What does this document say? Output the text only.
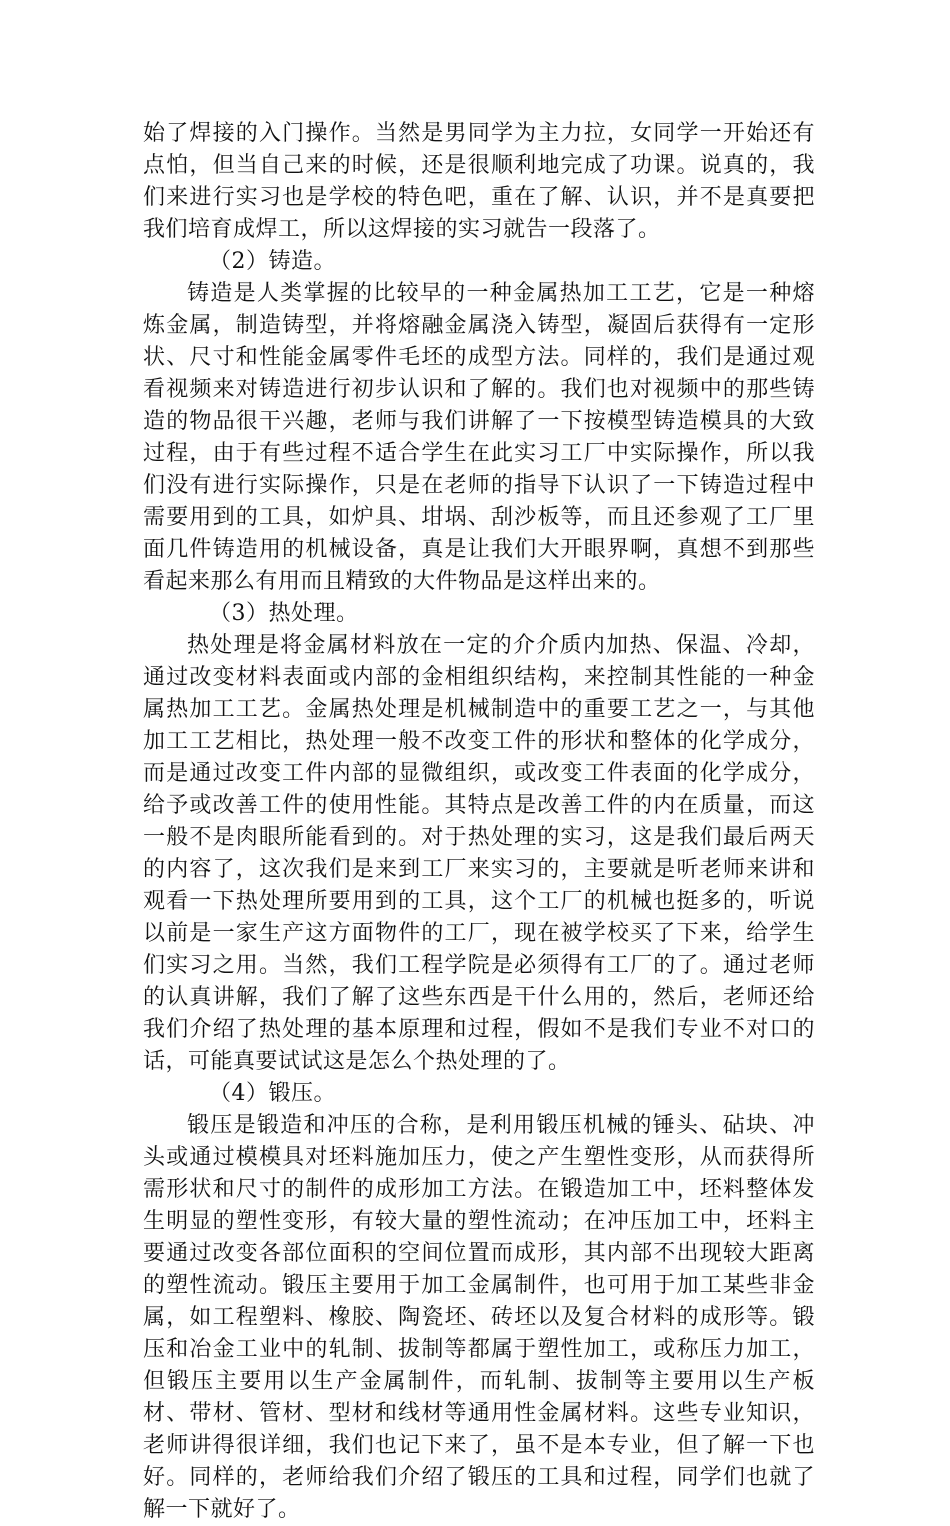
始了焊接的入门操作。当然是男同学为主力拉，女同学一开始还有点怕，但当自己来的时候，还是很顺利地完成了功课。说真的，我们来进行实习也是学校的特色吧，重在了解、认识，并不是真要把我们培育成焊工，所以这焊接的实习就告一段落了。

（2）铸造。

铸造是人类掌握的比较早的一种金属热加工工艺，它是一种熔炼金属，制造铸型，并将熔融金属浇入铸型，凝固后获得有一定形状、尺寸和性能金属零件毛坯的成型方法。同样的，我们是通过观看视频来对铸造进行初步认识和了解的。我们也对视频中的那些铸造的物品很干兴趣，老师与我们讲解了一下按模型铸造模具的大致过程，由于有些过程不适合学生在此实习工厂中实际操作，所以我们没有进行实际操作，只是在老师的指导下认识了一下铸造过程中需要用到的工具，如炉具、坩埚、刮沙板等，而且还参观了工厂里面几件铸造用的机械设备，真是让我们大开眼界啊，真想不到那些看起来那么有用而且精致的大件物品是这样出来的。

（3）热处理。

热处理是将金属材料放在一定的介介质内加热、保温、冷却，通过改变材料表面或内部的金相组织结构，来控制其性能的一种金属热加工工艺。金属热处理是机械制造中的重要工艺之一，与其他加工工艺相比，热处理一般不改变工件的形状和整体的化学成分，而是通过改变工件内部的显微组织，或改变工件表面的化学成分，给予或改善工件的使用性能。其特点是改善工件的内在质量，而这一般不是肉眼所能看到的。对于热处理的实习，这是我们最后两天的内容了，这次我们是来到工厂来实习的，主要就是听老师来讲和观看一下热处理所要用到的工具，这个工厂的机械也挺多的，听说以前是一家生产这方面物件的工厂，现在被学校买了下来，给学生们实习之用。当然，我们工程学院是必须得有工厂的了。通过老师的认真讲解，我们了解了这些东西是干什么用的，然后，老师还给我们介绍了热处理的基本原理和过程，假如不是我们专业不对口的话，可能真要试试这是怎么个热处理的了。

（4）锻压。

锻压是锻造和冲压的合称，是利用锻压机械的锤头、砧块、冲头或通过模模具对坯料施加压力，使之产生塑性变形，从而获得所需形状和尺寸的制件的成形加工方法。在锻造加工中，坯料整体发生明显的塑性变形，有较大量的塑性流动；在冲压加工中，坯料主要通过改变各部位面积的空间位置而成形，其内部不出现较大距离的塑性流动。锻压主要用于加工金属制件，也可用于加工某些非金属，如工程塑料、橡胶、陶瓷坯、砖坯以及复合材料的成形等。锻压和冶金工业中的轧制、拔制等都属于塑性加工，或称压力加工，但锻压主要用以生产金属制件，而轧制、拔制等主要用以生产板材、带材、管材、型材和线材等通用性金属材料。这些专业知识，老师讲得很详细，我们也记下来了，虽不是本专业，但了解一下也好。同样的，老师给我们介绍了锻压的工具和过程，同学们也就了解一下就好了。
